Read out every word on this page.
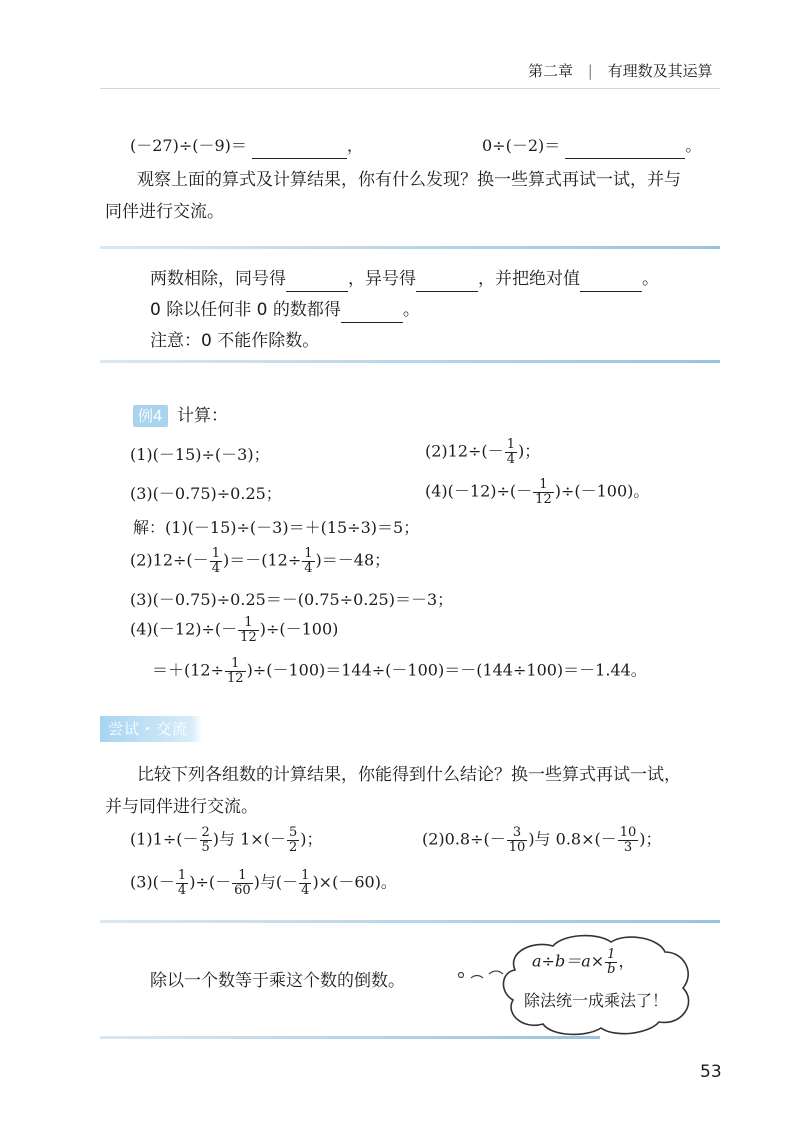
第二章 | 有理数及其运算
(－27)÷(－9)＝	，	0÷(－2)＝	。
观察上面的算式及计算结果，你有什么发现？换一些算式再试一试，并与
同伴进行交流。
两数相除，同号得	，异号得	，并把绝对值	。
0 除以任何非 0 的数都得	。
注意：0 不能作除数。
例4 计算：
(1)(－15)÷(－3)；	$(2)12\div(- \frac{1}{4}$ )；
(3)(－0.75)÷0.25；	$(4)(-12)\div(- \frac{1}{12} )\div(-100)$。
解：(1)(－15)÷(－3)＝＋(15÷3)＝5；
$(2)12\div(- \frac{1}{4} )=-(12\div \frac{1}{4} )=-48$；
(3)(－0.75)÷0.25＝－(0.75÷0.25)＝－3；
$(4)(-12)\div(- \frac{1}{12} )\div(-100)$
$=+(12\div \frac{1}{12} )\div(-100)=144\div(-100)=-(144\div 100)=-1.44$。
尝试・交流
比较下列各组数的计算结果，你能得到什么结论？换一些算式再试一试，
并与同伴进行交流。
$(1)1\div(- \frac{2}{5}$ )与 $1\times(- \frac{5}{2}$ )；	$(2)0.8\div(- \frac{3}{10}$ )与 $0.8\times(- \frac{10}{3}$ )；
$(3)(- \frac{1}{4}$ )÷(－ $\frac{1}{60}$ )与(－ $\frac{1}{4} )\times(-60)$。
除以一个数等于乘这个数的倒数。
$a\div b=a\times \frac{1}{b}$ ，
除法统一成乘法了！
53
